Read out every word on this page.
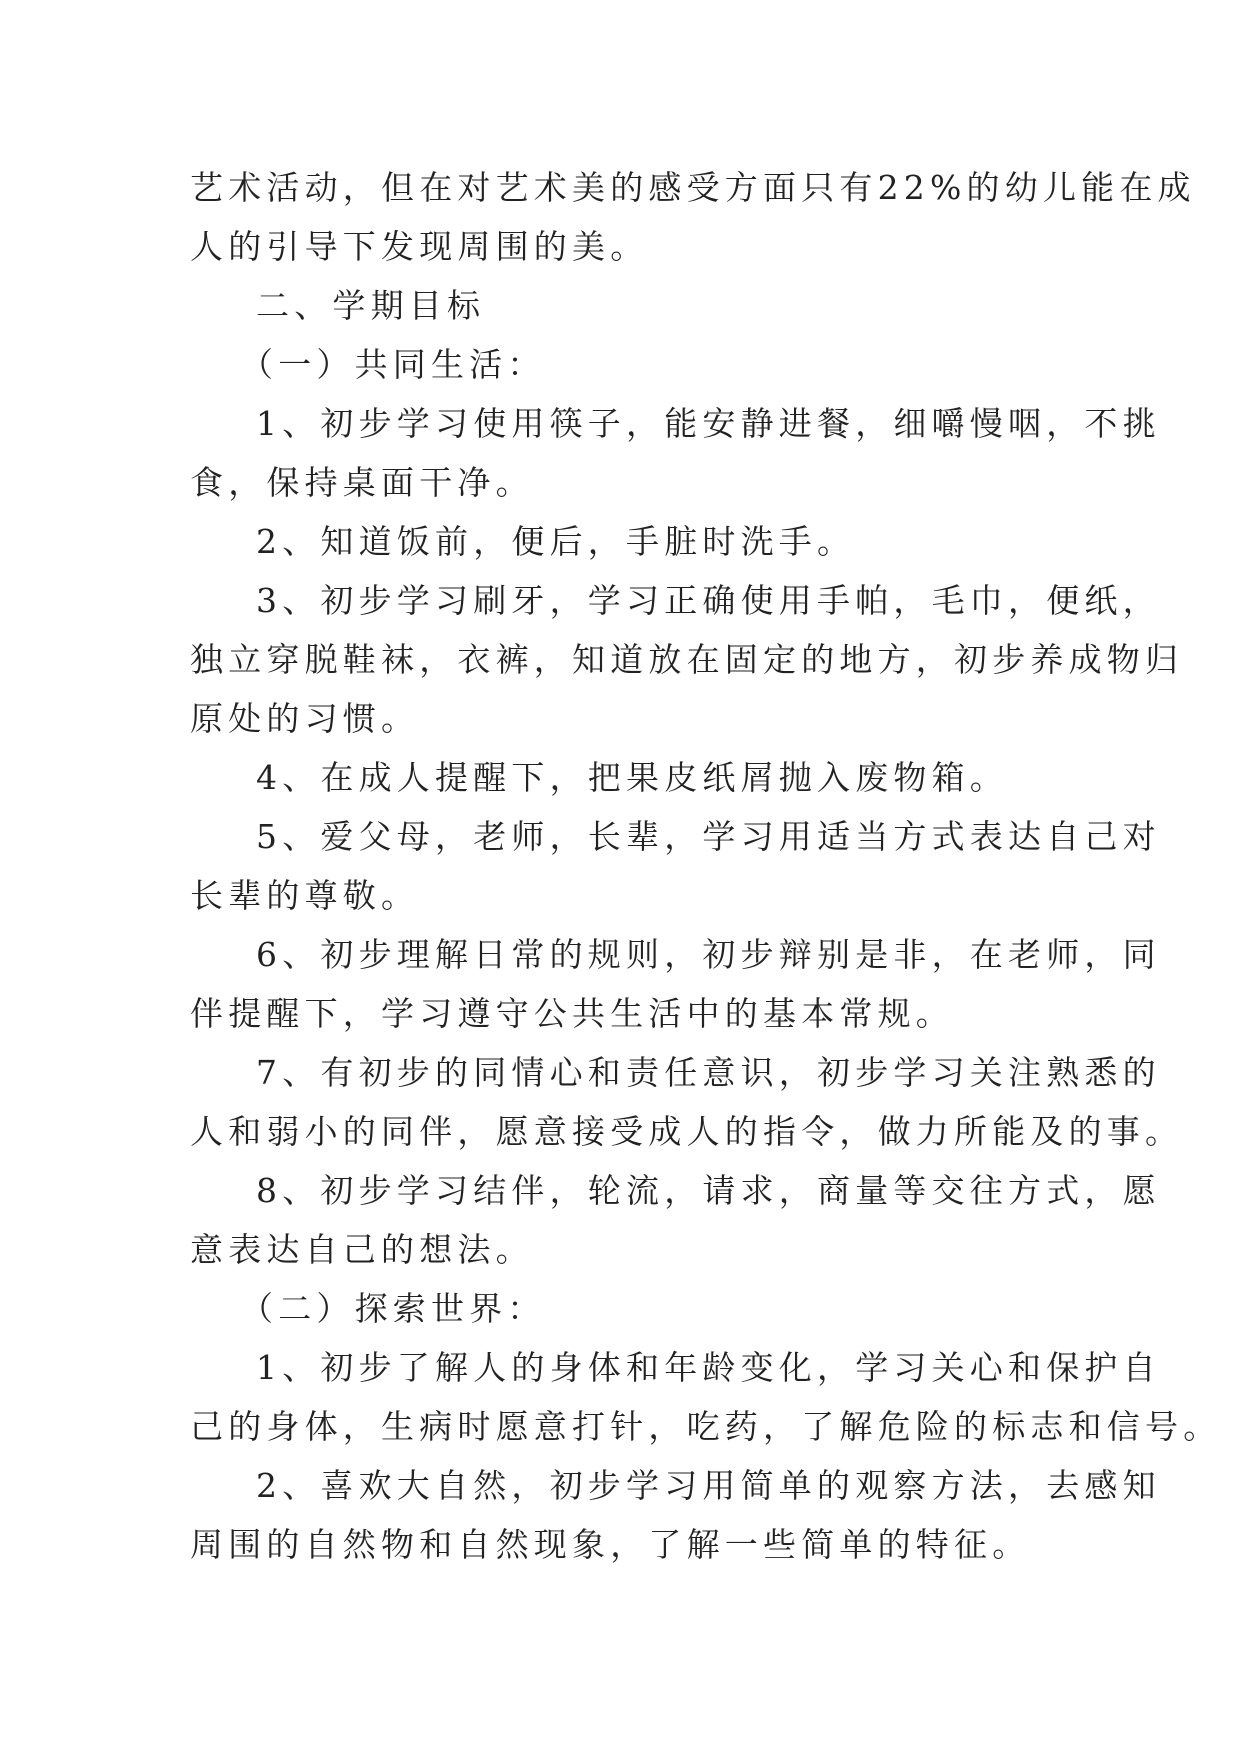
艺术活动，但在对艺术美的感受方面只有22%的幼儿能在成
人的引导下发现周围的美。
二、学期目标
（一）共同生活：
1、初步学习使用筷子，能安静进餐，细嚼慢咽，不挑
食，保持桌面干净。
2、知道饭前，便后，手脏时洗手。
3、初步学习刷牙，学习正确使用手帕，毛巾，便纸，
独立穿脱鞋袜，衣裤，知道放在固定的地方，初步养成物归
原处的习惯。
4、在成人提醒下，把果皮纸屑抛入废物箱。
5、爱父母，老师，长辈，学习用适当方式表达自己对
长辈的尊敬。
6、初步理解日常的规则，初步辩别是非，在老师，同
伴提醒下，学习遵守公共生活中的基本常规。
7、有初步的同情心和责任意识，初步学习关注熟悉的
人和弱小的同伴，愿意接受成人的指令，做力所能及的事。
8、初步学习结伴，轮流，请求，商量等交往方式，愿
意表达自己的想法。
（二）探索世界：
1、初步了解人的身体和年龄变化，学习关心和保护自
己的身体，生病时愿意打针，吃药，了解危险的标志和信号。
2、喜欢大自然，初步学习用简单的观察方法，去感知
周围的自然物和自然现象，了解一些简单的特征。
